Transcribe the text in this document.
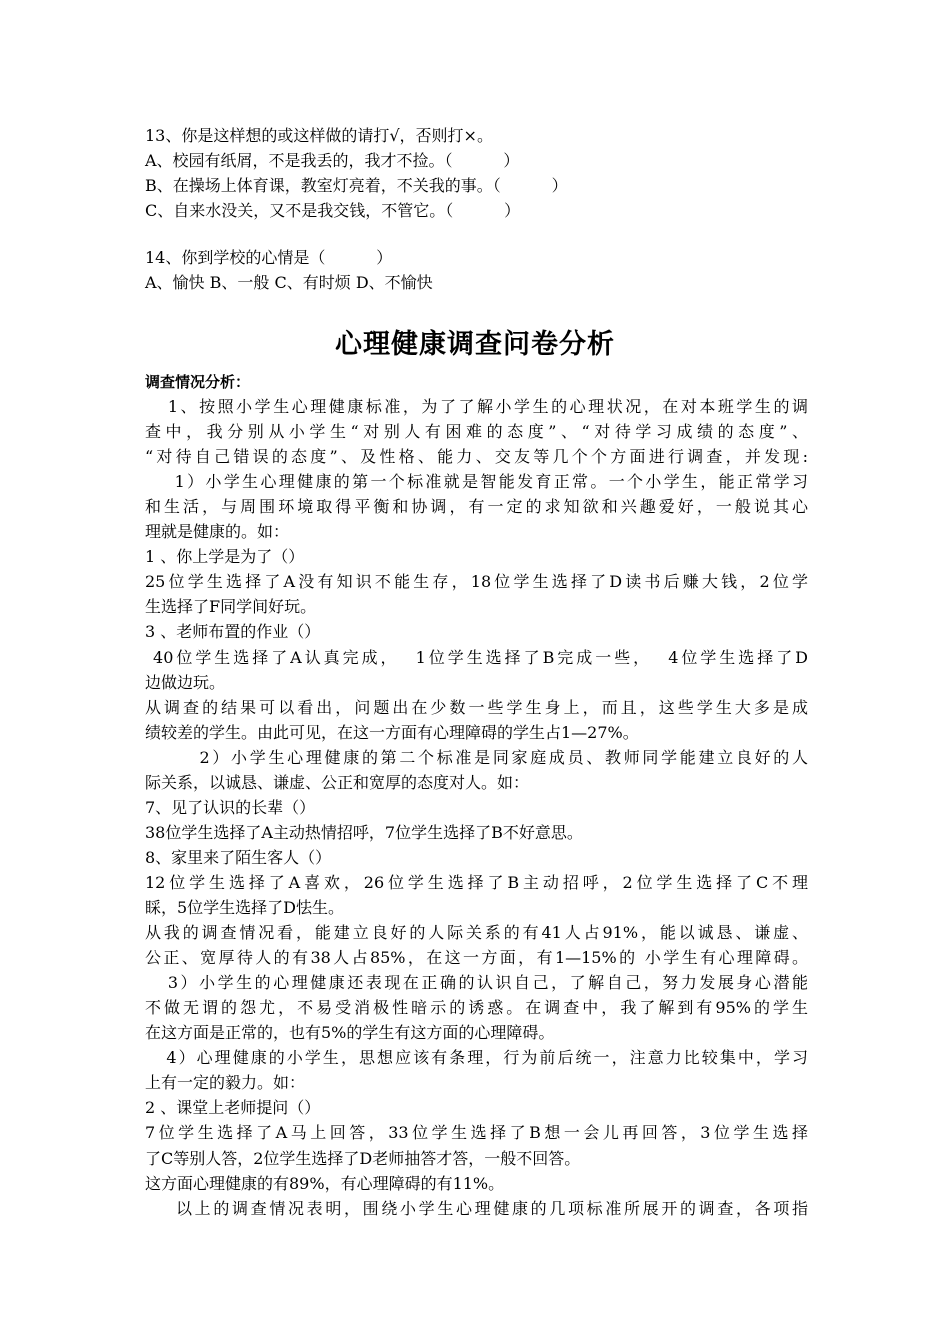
13、你是这样想的或这样做的请打√，否则打×。
A、校园有纸屑，不是我丢的，我才不捡。（          ）
B、在操场上体育课，教室灯亮着，不关我的事。（          ）
C、自来水没关，又不是我交钱，不管它。（          ）
14、你到学校的心情是（          ）
A、愉快 B、一般 C、有时烦 D、不愉快
心理健康调查问卷分析
调查情况分析：
1、按照小学生心理健康标准，为了了解小学生的心理状况，在对本班学生的调
查中，我分别从小学生“对别人有困难的态度”、“对待学习成绩的态度”、
“对待自己错误的态度”、及性格、能力、交友等几个个方面进行调查，并发现:
1）小学生心理健康的第一个标准就是智能发育正常。一个小学生，能正常学习
和生活，与周围环境取得平衡和协调，有一定的求知欲和兴趣爱好，一般说其心
理就是健康的。如：
1 、你上学是为了（）
25位学生选择了A没有知识不能生存，18位学生选择了D读书后赚大钱，2位学
生选择了F同学间好玩。
3 、老师布置的作业（）
40位学生选择了A认真完成，  1位学生选择了B完成一些，  4位学生选择了D
边做边玩。
从调查的结果可以看出，问题出在少数一些学生身上，而且，这些学生大多是成
绩较差的学生。由此可见，在这一方面有心理障碍的学生占1—27%。
2）小学生心理健康的第二个标准是同家庭成员、教师同学能建立良好的人
际关系，以诚恳、谦虚、公正和宽厚的态度对人。如：
7、见了认识的长辈（）
38位学生选择了A主动热情招呼，7位学生选择了B不好意思。
8、家里来了陌生客人（）
12位学生选择了A喜欢，26位学生选择了B主动招呼，2位学生选择了C不理
睬，5位学生选择了D怯生。
从我的调查情况看，能建立良好的人际关系的有41人占91%，能以诚恳、谦虚、
公正、宽厚待人的有38人占85%，在这一方面，有1—15%的 小学生有心理障碍。
3）小学生的心理健康还表现在正确的认识自己，了解自己，努力发展身心潜能
不做无谓的怨尤，不易受消极性暗示的诱惑。在调查中，我了解到有95%的学生
在这方面是正常的，也有5%的学生有这方面的心理障碍。
4）心理健康的小学生，思想应该有条理，行为前后统一，注意力比较集中，学习
上有一定的毅力。如：
2 、课堂上老师提问（）
7位学生选择了A马上回答，33位学生选择了B想一会儿再回答，3位学生选择
了C等别人答，2位学生选择了D老师抽答才答，一般不回答。
这方面心理健康的有89%，有心理障碍的有11%。
以上的调查情况表明，围绕小学生心理健康的几项标准所展开的调查，各项指
